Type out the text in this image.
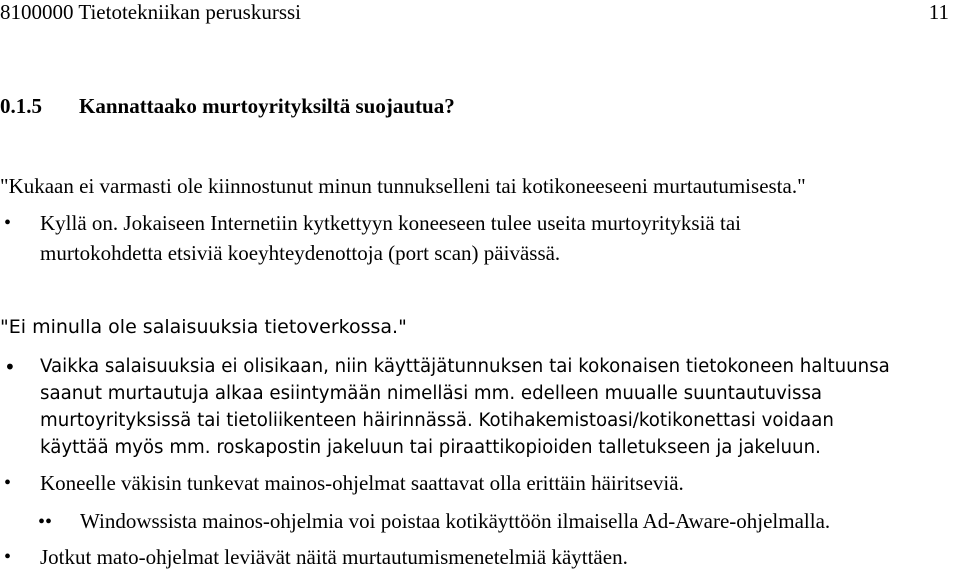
8100000 Tietotekniikan peruskurssi	11
0.1.5 Kannattaako murtoyrityksiltä suojautua?
"Kukaan ei varmasti ole kiinnostunut minun tunnukselleni tai kotikoneeseeni murtautumisesta."
• Kyllä on. Jokaiseen Internetiin kytkettyyn koneeseen tulee useita murtoyrityksiä tai
murtokohdetta etsiviä koeyhteydenottoja (port scan) päivässä.
"Ei minulla ole salaisuuksia tietoverkossa."
• Vaikka salaisuuksia ei olisikaan, niin käyttäjätunnuksen tai kokonaisen tietokoneen haltuunsa
saanut murtautuja alkaa esiintymään nimelläsi mm. edelleen muualle suuntautuvissa
murtoyrityksissä tai tietoliikenteen häirinnässä. Kotihakemistoasi/kotikonettasi voidaan
käyttää myös mm. roskapostin jakeluun tai piraattikopioiden talletukseen ja jakeluun.
• Koneelle väkisin tunkevat mainos-ohjelmat saattavat olla erittäin häiritseviä.
•• Windowssista mainos-ohjelmia voi poistaa kotikäyttöön ilmaisella Ad-Aware-ohjelmalla.
• Jotkut mato-ohjelmat leviävät näitä murtautumismenetelmiä käyttäen.
